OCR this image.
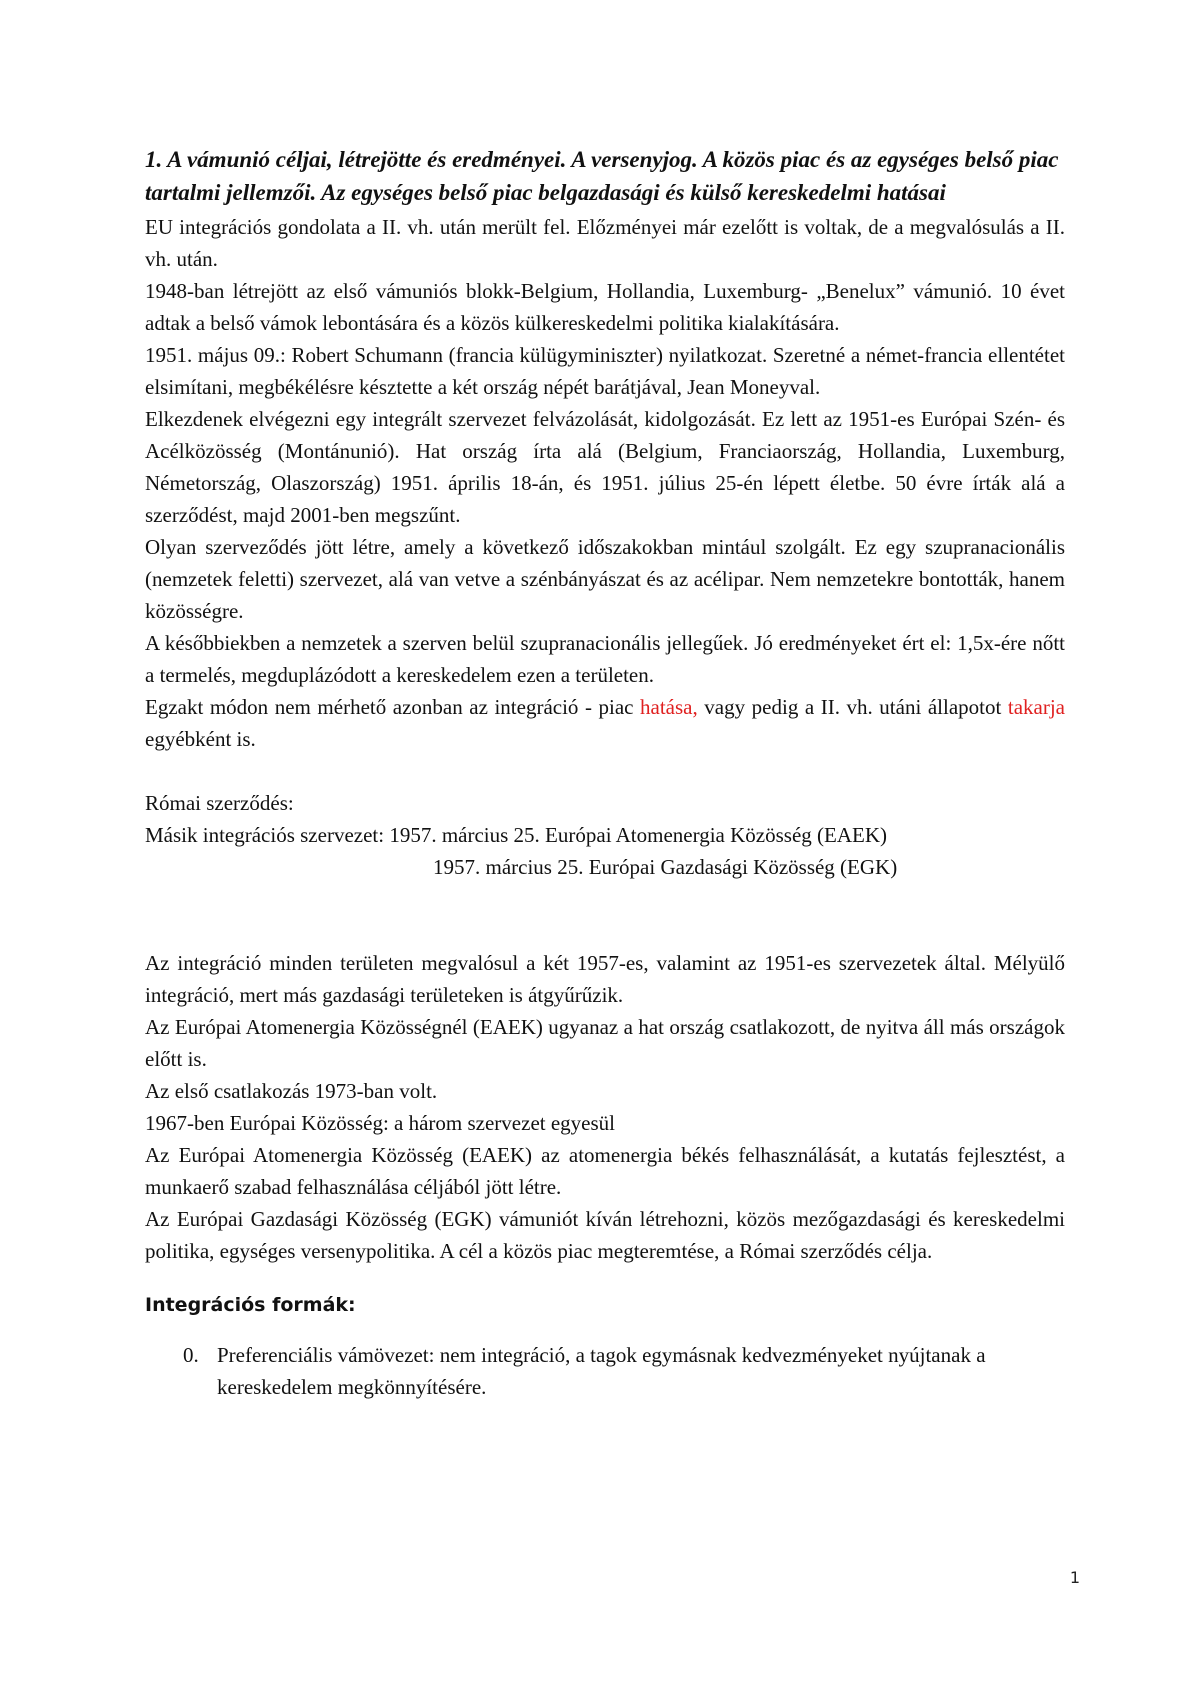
1. A vámunió céljai, létrejötte és eredményei. A versenyjog. A közös piac és az egységes belső piac tartalmi jellemzői. Az egységes belső piac belgazdasági és külső kereskedelmi hatásai

EU integrációs gondolata a II. vh. után merült fel. Előzményei már ezelőtt is voltak, de a megvalósulás a II. vh. után.

1948-ban létrejött az első vámuniós blokk-Belgium, Hollandia, Luxemburg- „Benelux” vámunió. 10 évet adtak a belső vámok lebontására és a közös külkereskedelmi politika kialakítására.

1951. május 09.: Robert Schumann (francia külügyminiszter) nyilatkozat. Szeretné a német-francia ellentétet elsimítani, megbékélésre késztette a két ország népét barátjával, Jean Moneyval.

Elkezdenek elvégezni egy integrált szervezet felvázolását, kidolgozását. Ez lett az 1951-es Európai Szén- és Acélközösség (Montánunió). Hat ország írta alá (Belgium, Franciaország, Hollandia, Luxemburg, Németország, Olaszország) 1951. április 18-án, és 1951. július 25-én lépett életbe. 50 évre írták alá a szerződést, majd 2001-ben megszűnt.

Olyan szerveződés jött létre, amely a következő időszakokban mintául szolgált. Ez egy szupranacionális (nemzetek feletti) szervezet, alá van vetve a szénbányászat és az acélipar. Nem nemzetekre bontották, hanem közösségre.

A későbbiekben a nemzetek a szerven belül szupranacionális jellegűek. Jó eredményeket ért el: 1,5x-ére nőtt a termelés, megduplázódott a kereskedelem ezen a területen.

Egzakt módon nem mérhető azonban az integráció - piac hatása, vagy pedig a II. vh. utáni állapotot takarja egyébként is.

Római szerződés:

Másik integrációs szervezet: 1957. március 25. Európai Atomenergia Közösség (EAEK)

1957. március 25. Európai Gazdasági Közösség (EGK)

Az integráció minden területen megvalósul a két 1957-es, valamint az 1951-es szervezetek által. Mélyülő integráció, mert más gazdasági területeken is átgyűrűzik.

Az Európai Atomenergia Közösségnél (EAEK) ugyanaz a hat ország csatlakozott, de nyitva áll más országok előtt is.

Az első csatlakozás 1973-ban volt.

1967-ben Európai Közösség: a három szervezet egyesül

Az Európai Atomenergia Közösség (EAEK) az atomenergia békés felhasználását, a kutatás fejlesztést, a munkaerő szabad felhasználása céljából jött létre.

Az Európai Gazdasági Közösség (EGK) vámuniót kíván létrehozni, közös mezőgazdasági és kereskedelmi politika, egységes versenypolitika. A cél a közös piac megteremtése, a Római szerződés célja.

Integrációs formák:

0. Preferenciális vámövezet: nem integráció, a tagok egymásnak kedvezményeket nyújtanak a kereskedelem megkönnyítésére.
1
